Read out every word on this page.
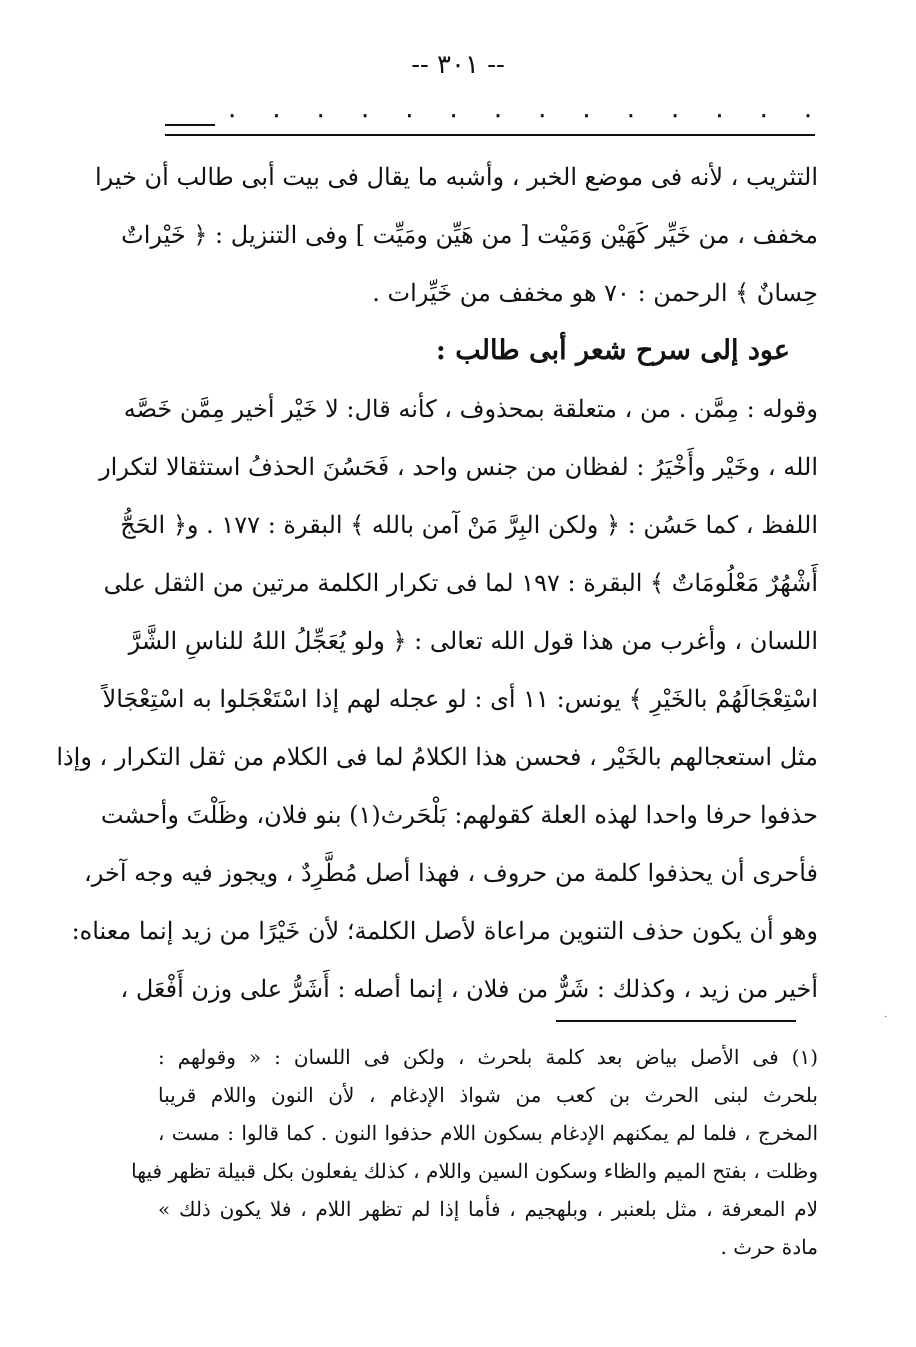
-- ٣٠١ --
٠
٠
٠
٠
٠
٠
٠
٠
٠
٠
٠
٠
٠
٠
التثريب ، لأنه فى موضع الخبر ، وأشبه ما يقال فى بيت أبى طالب أن خيرا
مخفف ، من خَيِّر كَهَيْن وَمَيْت [ من هَيِّن ومَيِّت ] وفى التنزيل : ﴿ خَيْراتٌ
حِسانٌ ﴾ الرحمن : ٧٠ هو مخفف من خَيِّرات .
عود إلى سرح شعر أبى طالب :
وقوله : مِمَّن . من ، متعلقة بمحذوف ، كأنه قال: لا خَيْر أخير مِمَّن خَصَّه
الله ، وخَيْر وأَخْيَرُ : لفظان من جنس واحد ، فَحَسُنَ الحذفُ استثقالا لتكرار
اللفظ ، كما حَسُن : ﴿ ولكن البِرَّ مَنْ آمن بالله ﴾ البقرة : ١٧٧ . و﴿ الحَجُّ
أَشْهُرٌ مَعْلُومَاتٌ ﴾ البقرة : ١٩٧ لما فى تكرار الكلمة مرتين من الثقل على
اللسان ، وأغرب من هذا قول الله تعالى : ﴿ ولو يُعَجِّلُ اللهُ للناسِ الشَّرَّ
اسْتِعْجَالَهُمْ بالخَيْرِ ﴾ يونس: ١١ أى : لو عجله لهم إذا اسْتَعْجَلوا به اسْتِعْجَالاً
مثل استعجالهم بالخَيْر ، فحسن هذا الكلامُ لما فى الكلام من ثقل التكرار ، وإذا
حذفوا حرفا واحدا لهذه العلة كقولهم: بَلْحَرث(١) بنو فلان، وظَلْتَ وأحشت
فأحرى أن يحذفوا كلمة من حروف ، فهذا أصل مُطَّرِدٌ ، ويجوز فيه وجه آخر،
وهو أن يكون حذف التنوين مراعاة لأصل الكلمة؛ لأن خَيْرًا من زيد إنما معناه:
أخير من زيد ، وكذلك : شَرٌّ من فلان ، إنما أصله : أَشَرُّ على وزن أَفْعَل ،
(١) فى الأصل بياض بعد كلمة بلحرث ، ولكن فى اللسان : « وقولهم :
بلحرث لبنى الحرث بن كعب من شواذ الإدغام ، لأن النون واللام قريبا
المخرج ، فلما لم يمكنهم الإدغام بسكون اللام حذفوا النون . كما قالوا : مست ،
وظلت ، بفتح الميم والظاء وسكون السين واللام ، كذلك يفعلون بكل قبيلة تظهر فيها
لام المعرفة ، مثل بلعنبر ، وبلهجيم ، فأما إذا لم تظهر اللام ، فلا يكون ذلك »
مادة حرث .
·
